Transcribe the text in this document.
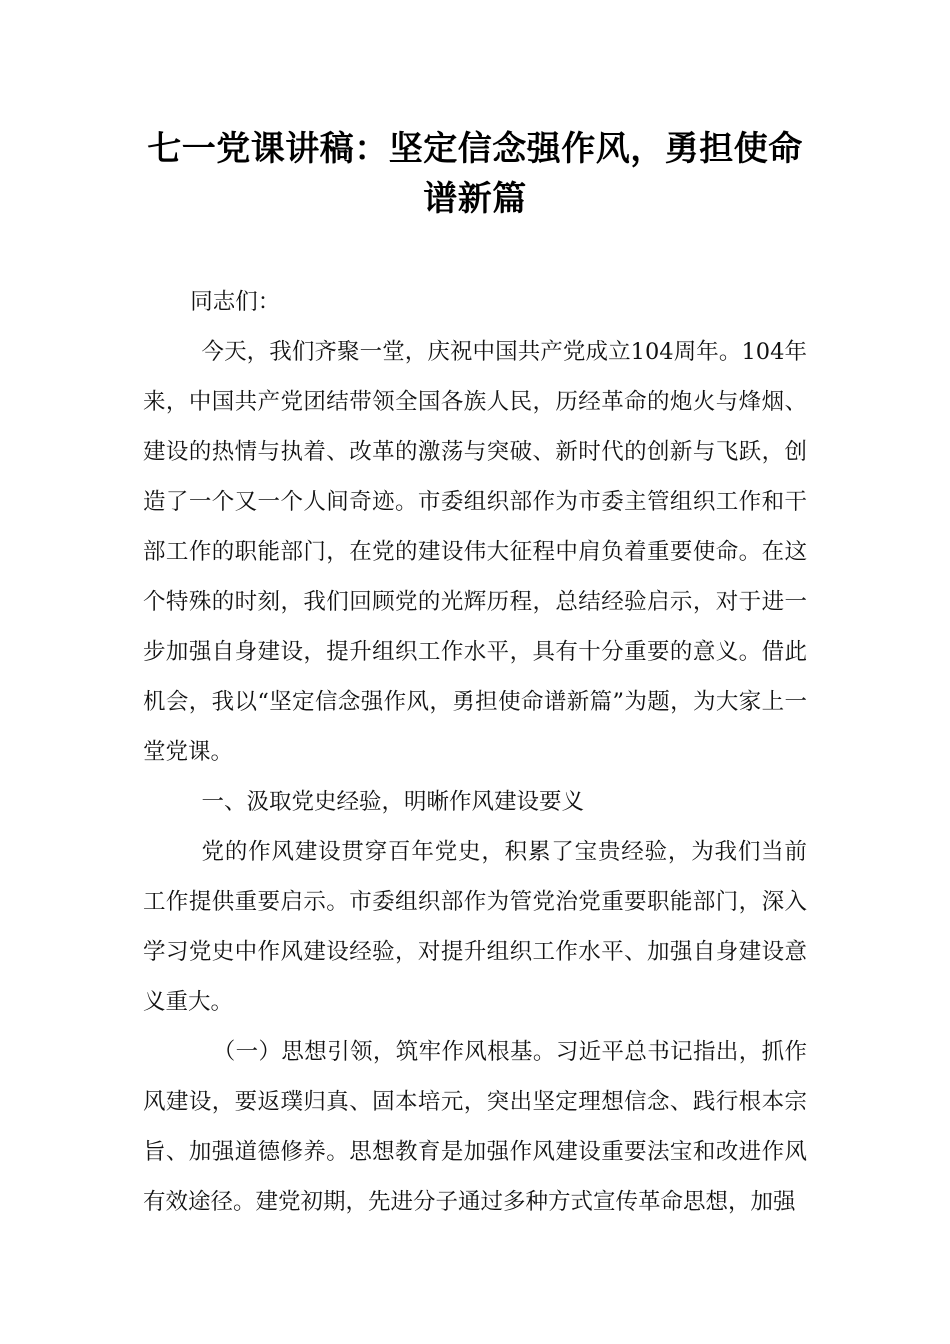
七一党课讲稿：坚定信念强作风，勇担使命谱新篇

同志们：

今天，我们齐聚一堂，庆祝中国共产党成立104周年。104年来，中国共产党团结带领全国各族人民，历经革命的炮火与烽烟、建设的热情与执着、改革的激荡与突破、新时代的创新与飞跃，创造了一个又一个人间奇迹。市委组织部作为市委主管组织工作和干部工作的职能部门，在党的建设伟大征程中肩负着重要使命。在这个特殊的时刻，我们回顾党的光辉历程，总结经验启示，对于进一步加强自身建设，提升组织工作水平，具有十分重要的意义。借此机会，我以“坚定信念强作风，勇担使命谱新篇”为题，为大家上一堂党课。

一、汲取党史经验，明晰作风建设要义

党的作风建设贯穿百年党史，积累了宝贵经验，为我们当前工作提供重要启示。市委组织部作为管党治党重要职能部门，深入学习党史中作风建设经验，对提升组织工作水平、加强自身建设意义重大。

（一）思想引领，筑牢作风根基。习近平总书记指出，抓作风建设，要返璞归真、固本培元，突出坚定理想信念、践行根本宗旨、加强道德修养。思想教育是加强作风建设重要法宝和改进作风有效途径。建党初期，先进分子通过多种方式宣传革命思想，加强
